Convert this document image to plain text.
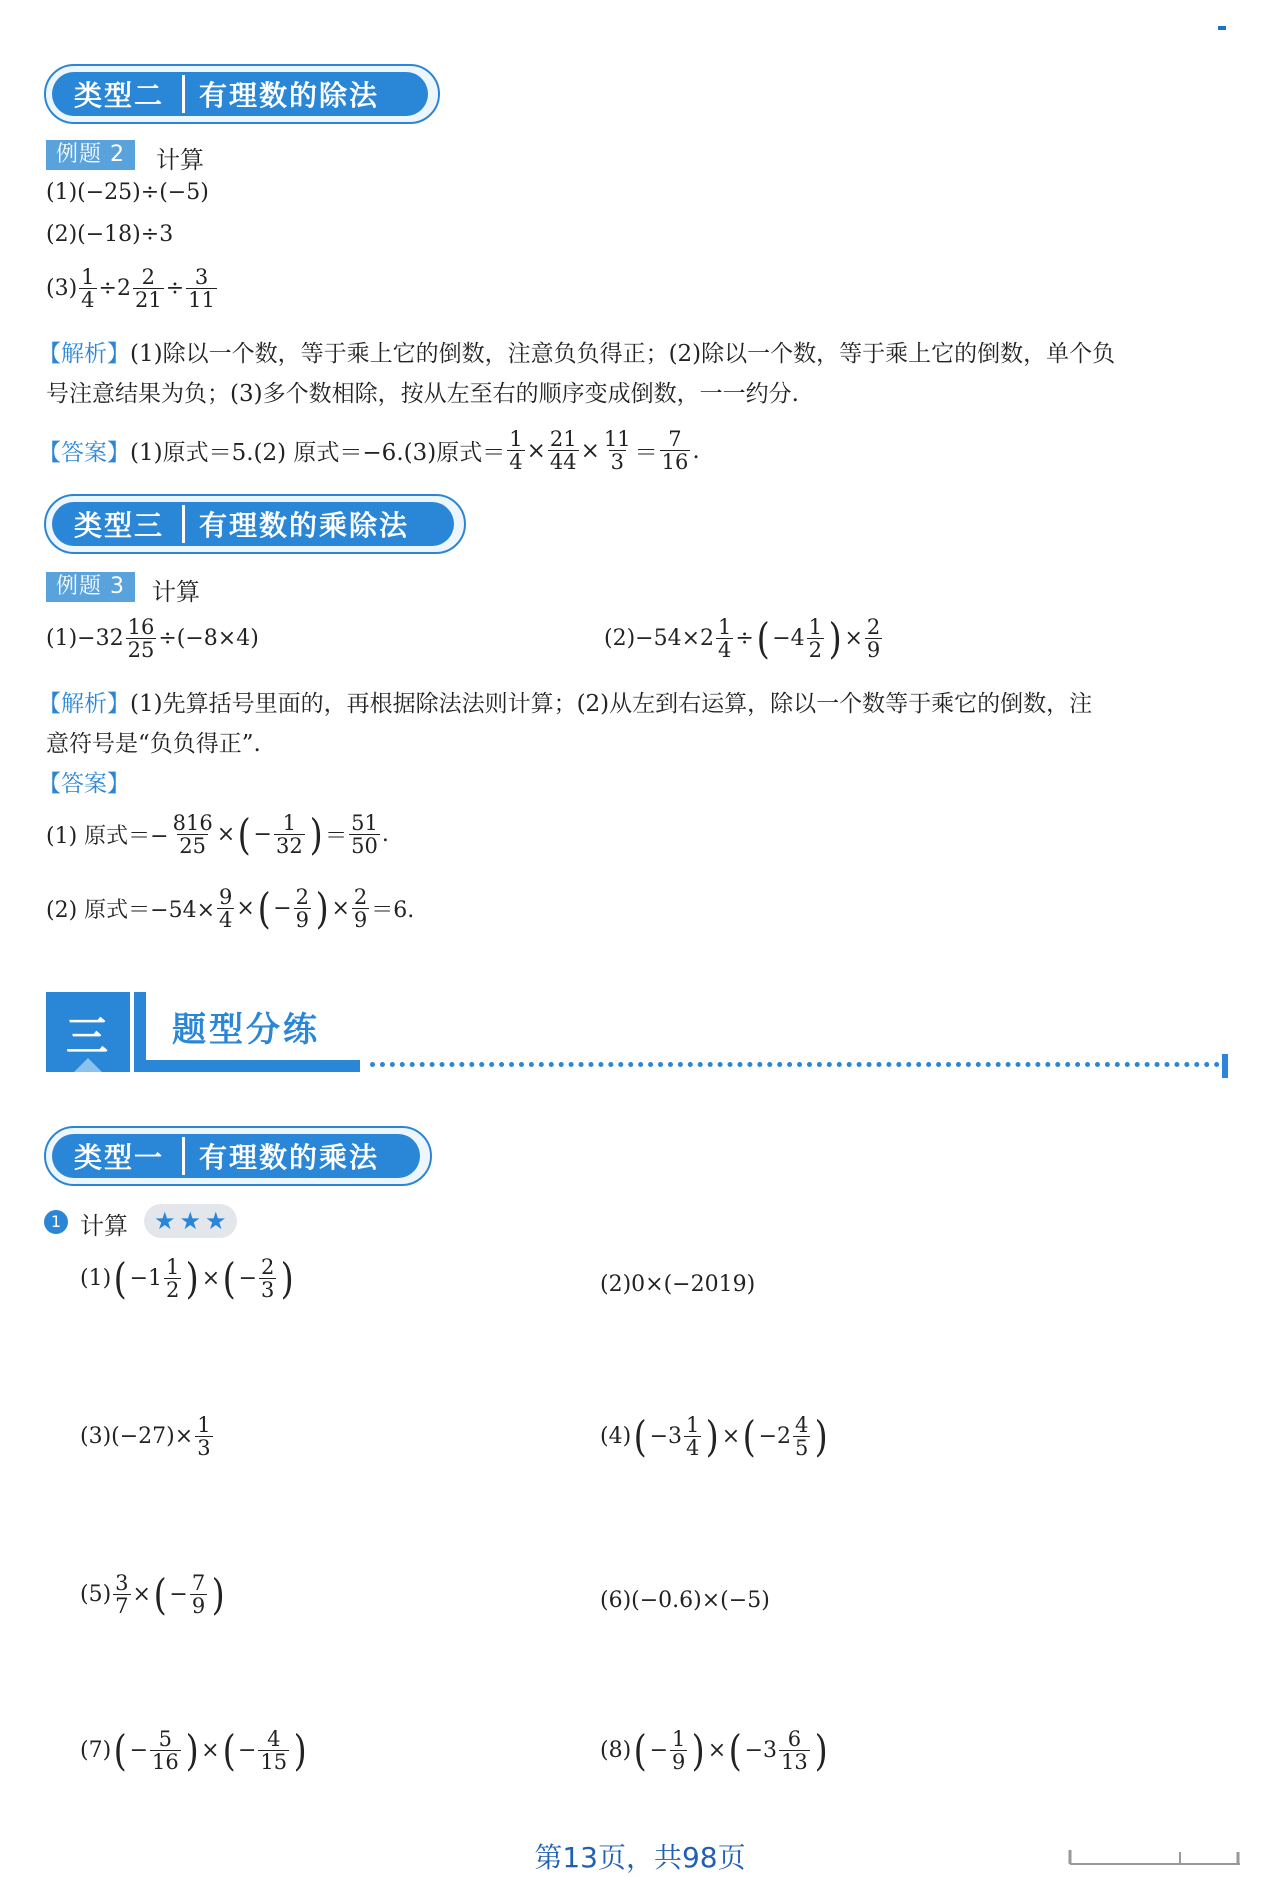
类型二 有理数的除法
例题 2	计算
(1)(−25)÷(−5)
(2)(−18)÷3
$(3) \frac{1}{4} \div 2 \frac{2}{21} \div \frac{3}{11}$
【解析】(1)除以一个数，等于乘上它的倒数，注意负负得正；(2)除以一个数，等于乘上它的倒数，单个负
号注意结果为负；(3)多个数相除，按从左至右的顺序变成倒数，一一约分.
【答案】 (1)原式＝5.(2) 原式＝−6.(3)原式＝ $\frac{1}{4} \times \frac{21}{44} \times \frac{11}{3} = \frac{7}{16}$ .
类型三 有理数的乘除法
例题 3	计算
$(1)-32 \frac{16}{25} \div(-8\times 4)$	$(2)-54\times 2 \frac{1}{4}$ ÷ ( $-4 \frac{1}{2}$ ) × $\frac{2}{9}$
【解析】(1)先算括号里面的，再根据除法法则计算；(2)从左到右运算，除以一个数等于乘它的倒数，注
意符号是“负负得正”.
【答案】
(1) 原式＝− $\frac{816}{25}$ × ( − $\frac{1}{32}$ ) ＝ $\frac{51}{50}$ .
(2) 原式$=-54\times \frac{9}{4}$ × ( − $\frac{2}{9}$ ) × $\frac{2}{9} =6$.
三 题型分练
类型一 有理数的乘法
1 计算 ★ ★ ★
(1) ( $-1 \frac{1}{2}$ ) × ( − $\frac{2}{3}$ )	(2)0×(−2019)
$(3)(-27)\times \frac{1}{3}$	(4) ( $-3 \frac{1}{4}$ ) × ( $-2 \frac{4}{5}$ )
$(5) \frac{3}{7}$ × ( − $\frac{7}{9}$ )	(6)(−0.6)×(−5)
(7) ( − $\frac{5}{16}$ ) × ( − $\frac{4}{15}$ )	(8) ( − $\frac{1}{9}$ ) × ( $-3 \frac{6}{13}$ )
第13页，共98页
